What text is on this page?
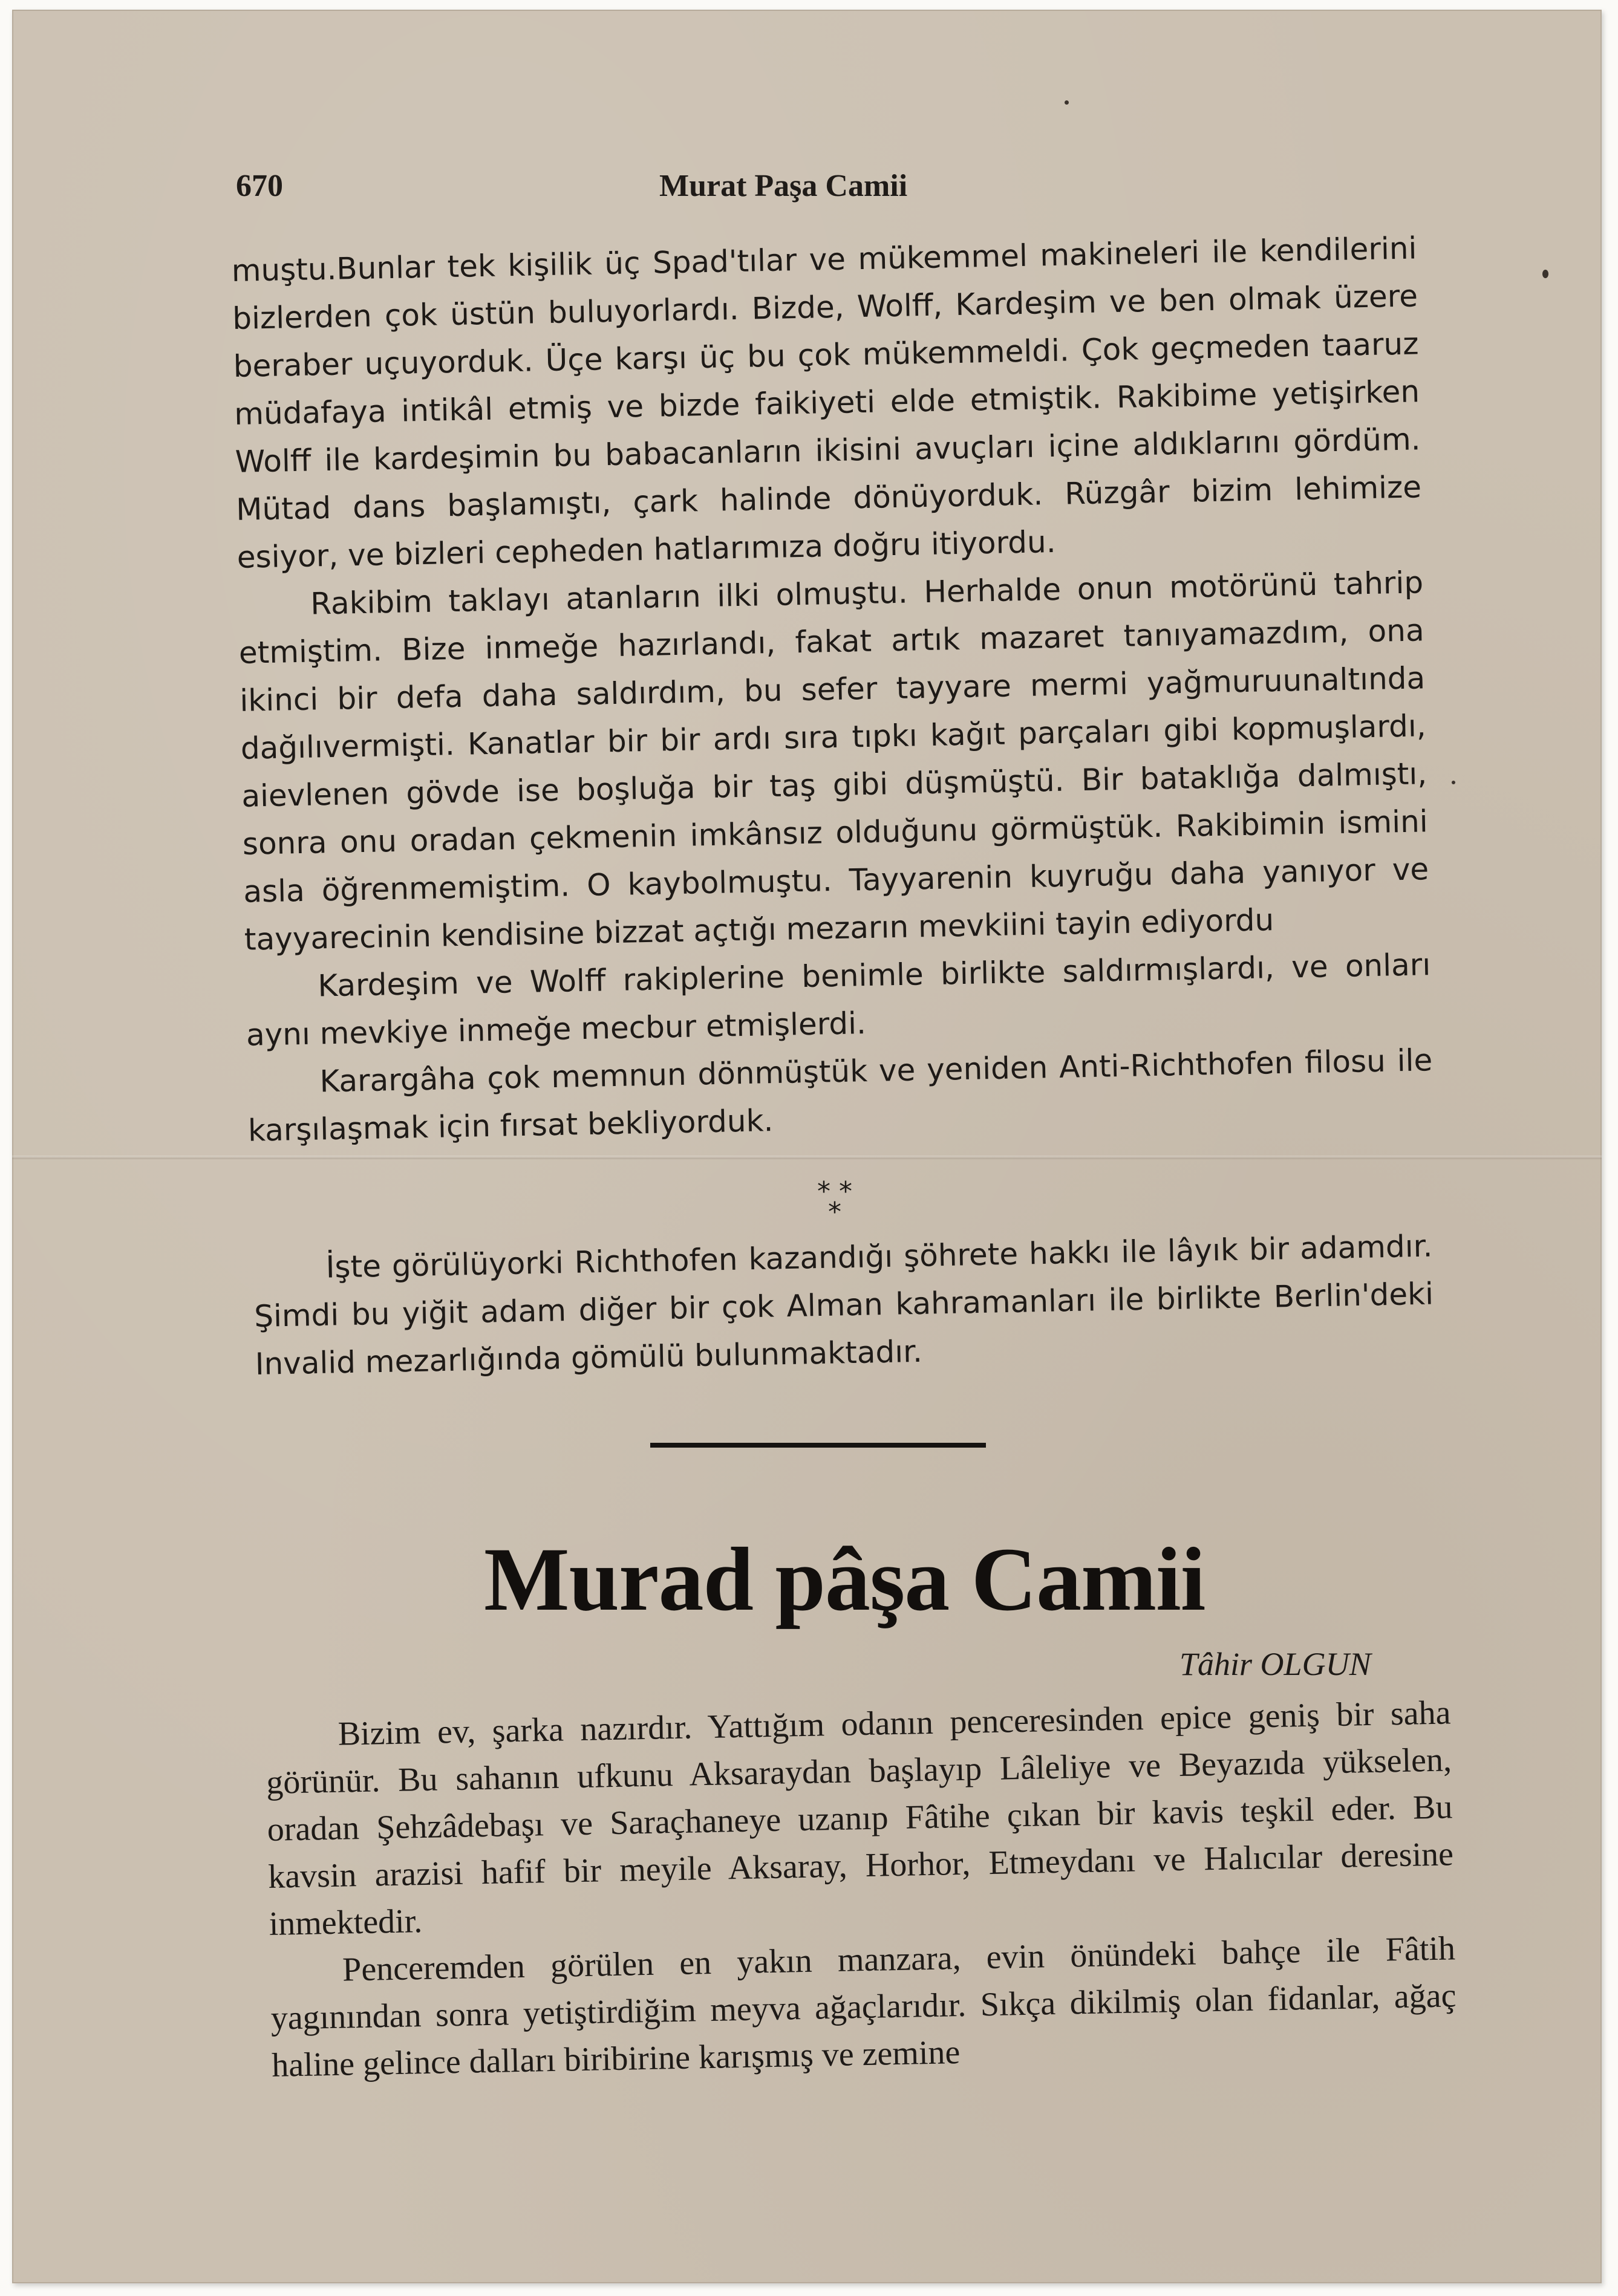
670	Murat Paşa Camii

muştu.Bunlar tek kişilik üç Spad'tılar ve mükemmel makineleri ile kendilerini bizlerden çok üstün buluyorlardı. Bizde, Wolff, Kardeşim ve ben olmak üzere beraber uçuyorduk. Üçe karşı üç bu çok mükemmeldi. Çok geçmeden taaruz müdafaya intikâl etmiş ve bizde faikiyeti elde etmiştik. Rakibime yetişirken Wolff ile kardeşimin bu babacanların ikisini avuçları içine aldıklarını gördüm. Mütad dans başlamıştı, çark halinde dönüyorduk. Rüzgâr bizim lehimize esiyor, ve bizleri cepheden hatlarımıza doğru itiyordu.

Rakibim taklayı atanların ilki olmuştu. Herhalde onun motörünü tahrip etmiştim. Bize inmeğe hazırlandı, fakat artık mazaret tanıyamazdım, ona ikinci bir defa daha saldırdım, bu sefer tayyare mermi yağmuruunaltında dağılıvermişti. Kanatlar bir bir ardı sıra tıpkı kağıt parçaları gibi kopmuşlardı, aievlenen gövde ise boşluğa bir taş gibi düşmüştü. Bir bataklığa dalmıştı, sonra onu oradan çekmenin imkânsız olduğunu görmüştük. Rakibimin ismini asla öğrenmemiştim. O kaybolmuştu. Tayyarenin kuyruğu daha yanıyor ve tayyarecinin kendisine bizzat açtığı mezarın mevkiini tayin ediyordu

Kardeşim ve Wolff rakiplerine benimle birlikte saldırmışlardı, ve onları aynı mevkiye inmeğe mecbur etmişlerdi.

Karargâha çok memnun dönmüştük ve yeniden Anti-Richthofen filosu ile karşılaşmak için fırsat bekliyorduk.

* *
*

İşte görülüyorki Richthofen kazandığı şöhrete hakkı ile lâyık bir adamdır. Şimdi bu yiğit adam diğer bir çok Alman kahramanları ile birlikte Berlin'deki Invalid mezarlığında gömülü bulunmaktadır.

Murad pâşa Camii
Tâhir OLGUN

Bizim ev, şarka nazırdır. Yattığım odanın penceresinden epice geniş bir saha görünür. Bu sahanın ufkunu Aksaraydan başlayıp Lâleliye ve Beyazıda yükselen, oradan Şehzâdebaşı ve Saraçhaneye uzanıp Fâtihe çıkan bir kavis teşkil eder. Bu kavsin arazisi hafif bir meyile Aksaray, Horhor, Etmeydanı ve Halıcılar deresine inmektedir.

Penceremden görülen en yakın manzara, evin önündeki bahçe ile Fâtih yagınından sonra yetiştirdiğim meyva ağaçlarıdır. Sıkça dikilmiş olan fidanlar, ağaç haline gelince dalları biribirine karışmış ve zemine
